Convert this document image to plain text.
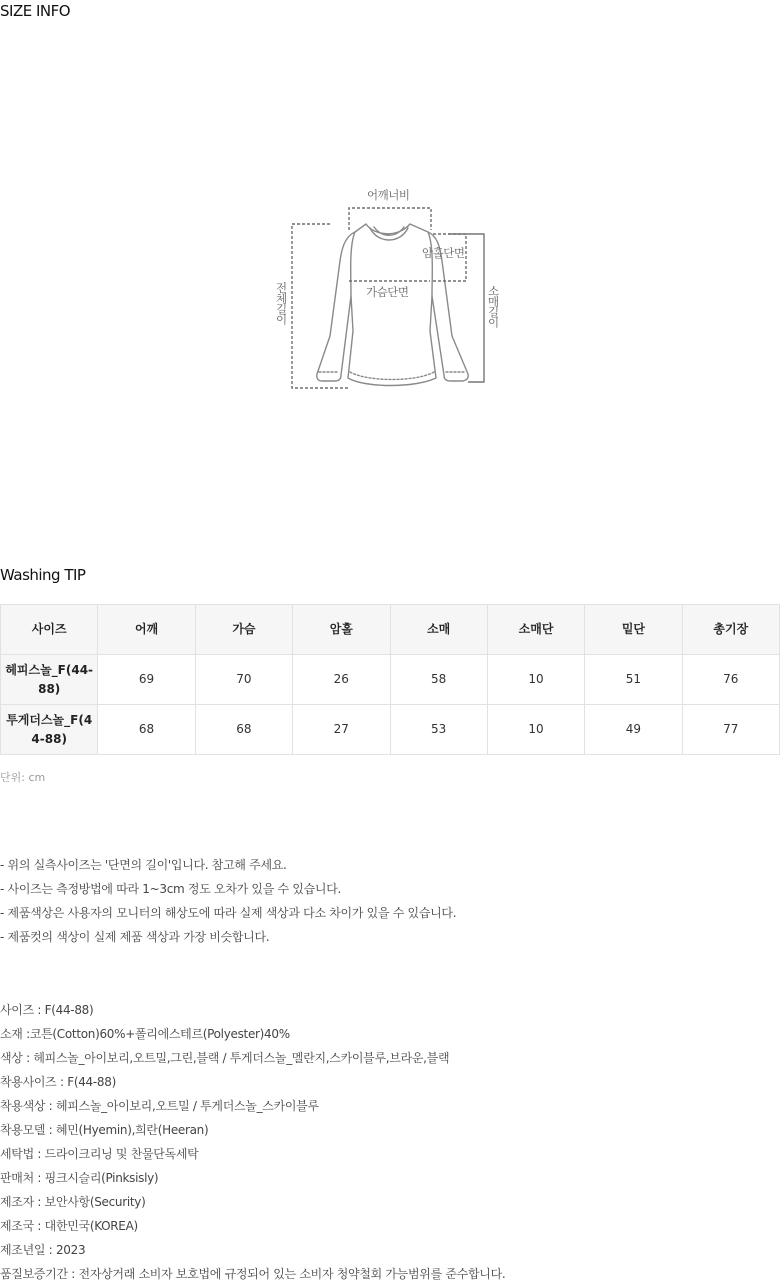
SIZE INFO
어깨너비
암홀단면
가슴단면
전체길이	소매길이
Washing TIP
사이즈	어깨	가슴	암홀	소매	소매단	밑단	총기장
헤피스놀_F(44-88)	69	70	26	58	10	51	76
투게더스놀_F(44-88)	68	68	27	53	10	49	77
단위: cm
- 위의 실측사이즈는 '단면의 길이'입니다. 참고해 주세요.
- 사이즈는 측정방법에 따라 1~3cm 정도 오차가 있을 수 있습니다.
- 제품색상은 사용자의 모니터의 해상도에 따라 실제 색상과 다소 차이가 있을 수 있습니다.
- 제품컷의 색상이 실제 제품 색상과 가장 비슷합니다.
사이즈 : F(44-88)
소재 :코튼(Cotton)60%+폴리에스테르(Polyester)40%
색상 : 헤피스놀_아이보리,오트밀,그린,블랙 / 투게더스놀_멜란지,스카이블루,브라운,블랙
착용사이즈 : F(44-88)
착용색상 : 헤피스놀_아이보리,오트밀 / 투게더스놀_스카이블루
착용모델 : 혜민(Hyemin),희란(Heeran)
세탁법 : 드라이크리닝 및 찬물단독세탁
판매처 : 핑크시슬리(Pinksisly)
제조자 : 보안사항(Security)
제조국 : 대한민국(KOREA)
제조년일 : 2023
품질보증기간 : 전자상거래 소비자 보호법에 규정되어 있는 소비자 청약철회 가능범위를 준수합니다.
